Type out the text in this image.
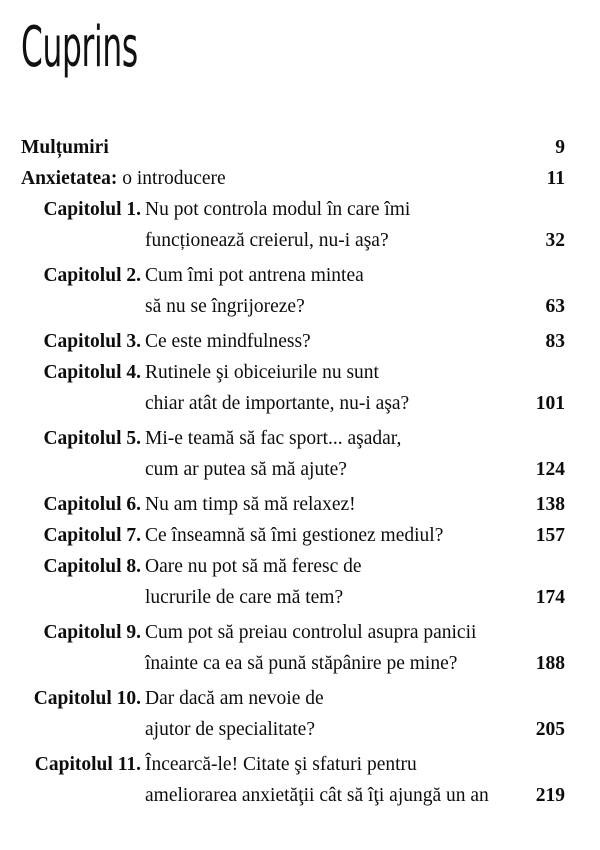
Cuprins
Mulțumiri	9
Anxietatea: o introducere	11
Capitolul 1. Nu pot controla modul în care îmi
funcționează creierul, nu-i aşa?	32
Capitolul 2. Cum îmi pot antrena mintea
să nu se îngrijoreze?	63
Capitolul 3. Ce este mindfulness?	83
Capitolul 4. Rutinele şi obiceiurile nu sunt
chiar atât de importante, nu-i aşa?	101
Capitolul 5. Mi-e teamă să fac sport... aşadar,
cum ar putea să mă ajute?	124
Capitolul 6. Nu am timp să mă relaxez!	138
Capitolul 7. Ce înseamnă să îmi gestionez mediul?	157
Capitolul 8. Oare nu pot să mă feresc de
lucrurile de care mă tem?	174
Capitolul 9. Cum pot să preiau controlul asupra panicii
înainte ca ea să pună stăpânire pe mine?	188
Capitolul 10. Dar dacă am nevoie de
ajutor de specialitate?	205
Capitolul 11. Încearcă-le! Citate şi sfaturi pentru
ameliorarea anxietăţii cât să îţi ajungă un an	219
